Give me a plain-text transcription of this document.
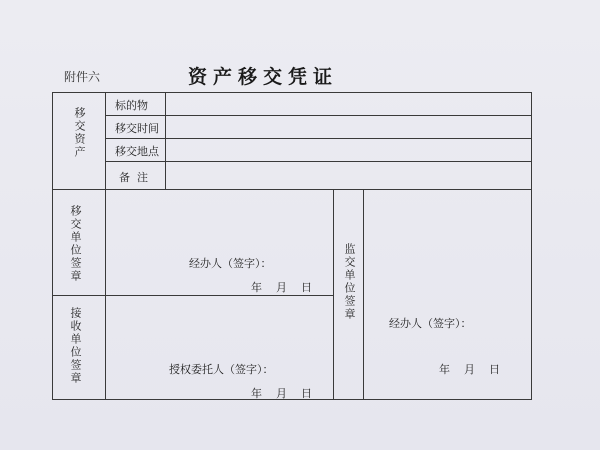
附件六	资产移交凭证
移交资产
标的物
移交时间
移交地点
备  注
移交单位签章	经办人（签字）：
年    月    日
接收单位签章	授权委托人（签字）：
年    月    日
监交单位签章
经办人（签字）：
年    月    日
